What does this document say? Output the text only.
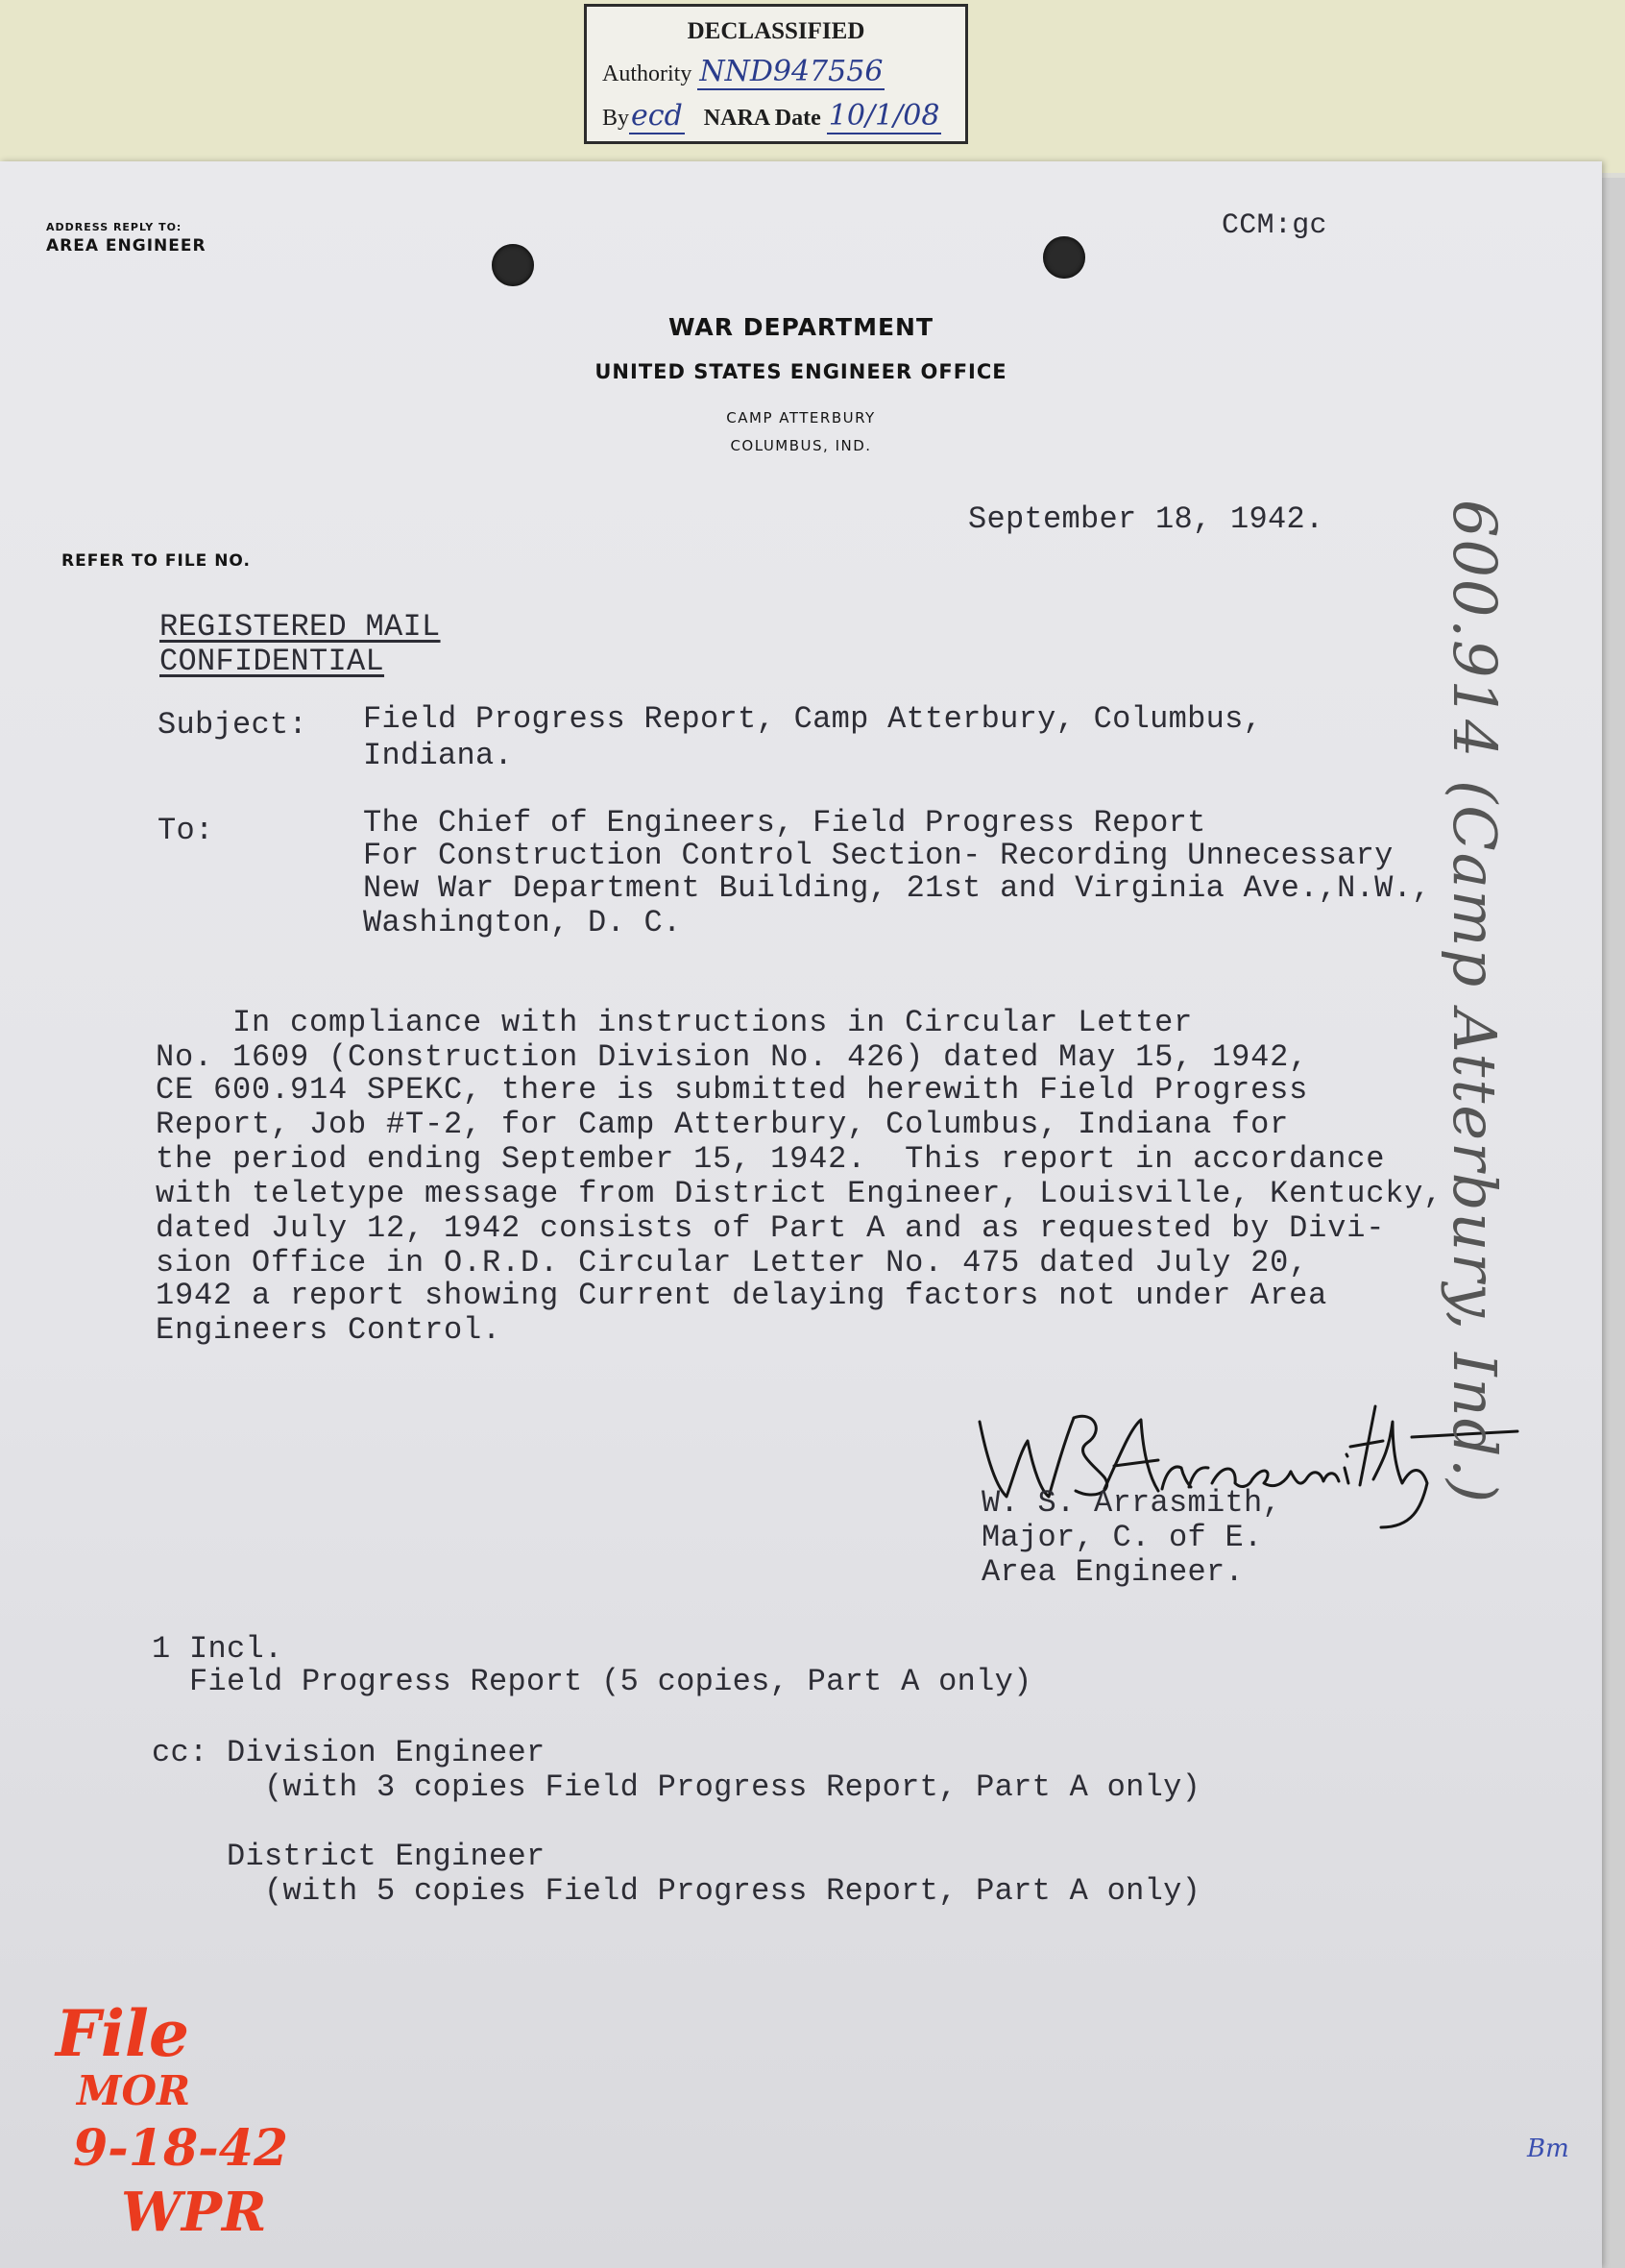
DECLASSIFIED
Authority NND947556
Byecd NARA Date 10/1/08
ADDRESS REPLY TO:
AREA ENGINEER
CCM:gc
WAR DEPARTMENT
UNITED STATES ENGINEER OFFICE
CAMP ATTERBURY
COLUMBUS, IND.
September 18, 1942.
REFER TO FILE NO.
REGISTERED MAIL
CONFIDENTIAL
Subject: Field Progress Report, Camp Atterbury, Columbus,
Indiana.
To:	The Chief of Engineers, Field Progress Report
For Construction Control Section- Recording Unnecessary
New War Department Building, 21st and Virginia Ave.,N.W.,
Washington, D. C.
In compliance with instructions in Circular Letter
No. 1609 (Construction Division No. 426) dated May 15, 1942,
CE 600.914 SPEKC, there is submitted herewith Field Progress
Report, Job #T-2, for Camp Atterbury, Columbus, Indiana for
the period ending September 15, 1942.  This report in accordance
with teletype message from District Engineer, Louisville, Kentucky,
dated July 12, 1942 consists of Part A and as requested by Divi-
sion Office in O.R.D. Circular Letter No. 475 dated July 20,
1942 a report showing Current delaying factors not under Area
Engineers Control.
W. S. Arrasmith,
Major, C. of E.
Area Engineer.
1 Incl.
Field Progress Report (5 copies, Part A only)
cc: Division Engineer
(with 3 copies Field Progress Report, Part A only)
District Engineer
(with 5 copies Field Progress Report, Part A only)
600.914 (Camp Atterbury, Ind.)
File
MOR
9-18-42
WPR
Bm
